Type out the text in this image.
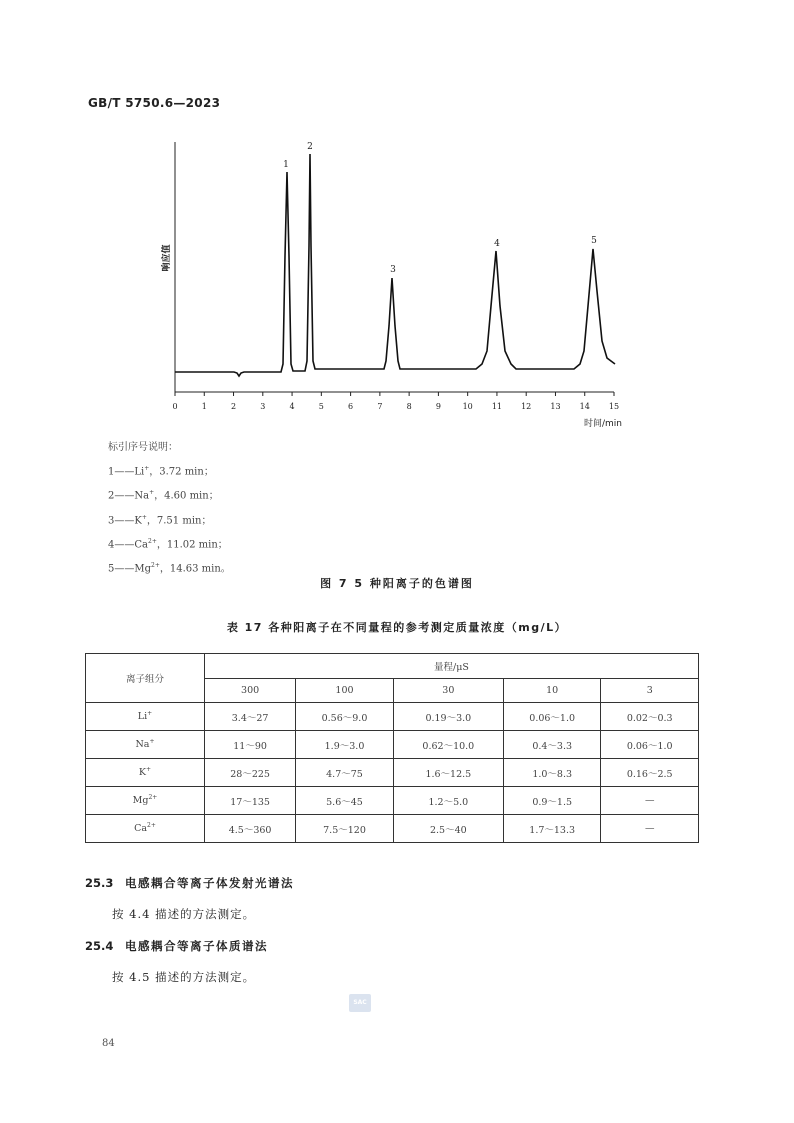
GB/T 5750.6—2023
0	1	2	3	4	5	6	7	8	9	10 11 12 13 14 15
响应值
时间/min
1
2
3
4	5
标引序号说明：
1——Li+，3.72 min；
2——Na+，4.60 min；
3——K+，7.51 min；
$4——Ca^{2+}$，11.02 min；
$5——Mg^{2+}$，14.63 min。
图 7 5 种阳离子的色谱图
表 17 各种阳离子在不同量程的参考测定质量浓度（mg/L）
离子组分	量程/μS				
	300	100	30	10	3
Li+	3.4～27	0.56～9.0	0.19～3.0	0.06～1.0	0.02～0.3
Na+	11～90	1.9～3.0	0.62～10.0	0.4～3.3	0.06～1.0
K+	28～225	4.7～75	1.6～12.5	1.0～8.3	0.16～2.5
$Mg^{2+}$	17～135	5.6～45	1.2～5.0	0.9～1.5	—
$Ca^{2+}$	4.5～360	7.5～120	2.5～40	1.7～13.3	—
25.3 电感耦合等离子体发射光谱法
按 4.4 描述的方法测定。
25.4 电感耦合等离子体质谱法
按 4.5 描述的方法测定。
SAC
84
